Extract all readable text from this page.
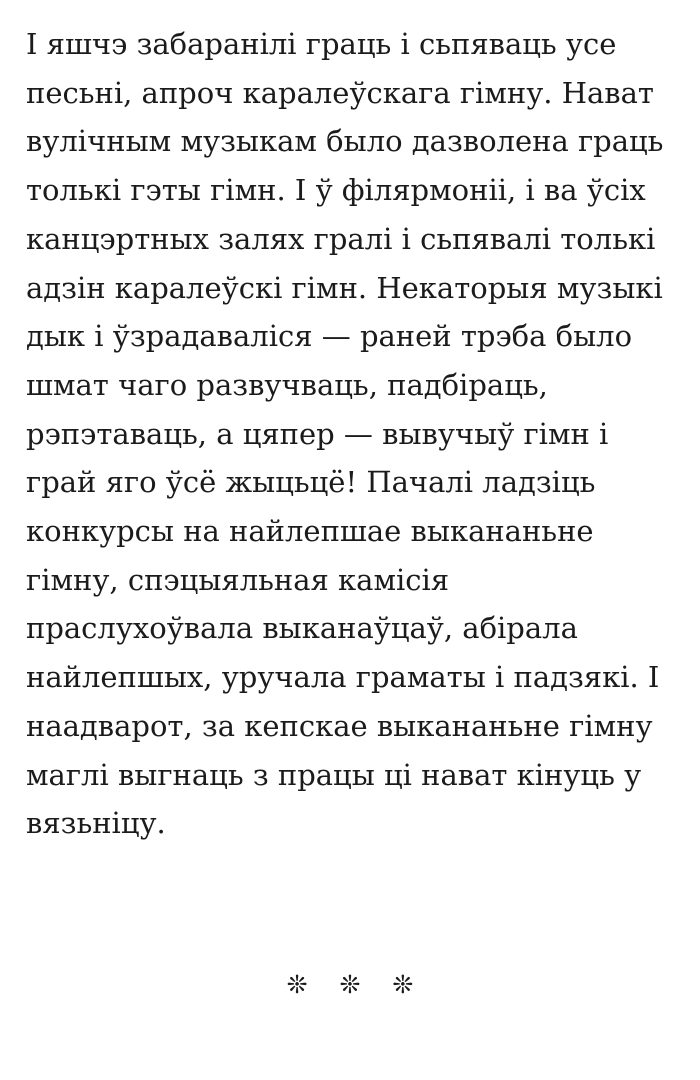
І яшчэ забаранілі граць і сьпяваць усе
песьні, апроч каралеўскага гімну. Нават
вулічным музыкам было дазволена граць
толькі гэты гімн. І ў філярмоніі, і ва ўсіх
канцэртных залях гралі і сьпявалі толькі
адзін каралеўскі гімн. Некаторыя музыкі
дык і ўзрадаваліся — раней трэба было
шмат чаго развучваць, падбіраць,
рэпэтаваць, а цяпер — вывучыў гімн і
грай яго ўсё жыцьцё! Пачалі ладзіць
конкурсы на найлепшае выкананьне
гімну, спэцыяльная камісія
праслухоўвала выканаўцаў, абірала
найлепшых, уручала граматы і падзякі. І
наадварот, за кепскае выкананьне гімну
маглі выгнаць з працы ці нават кінуць у
вязьніцу.
❊ ❊ ❊
